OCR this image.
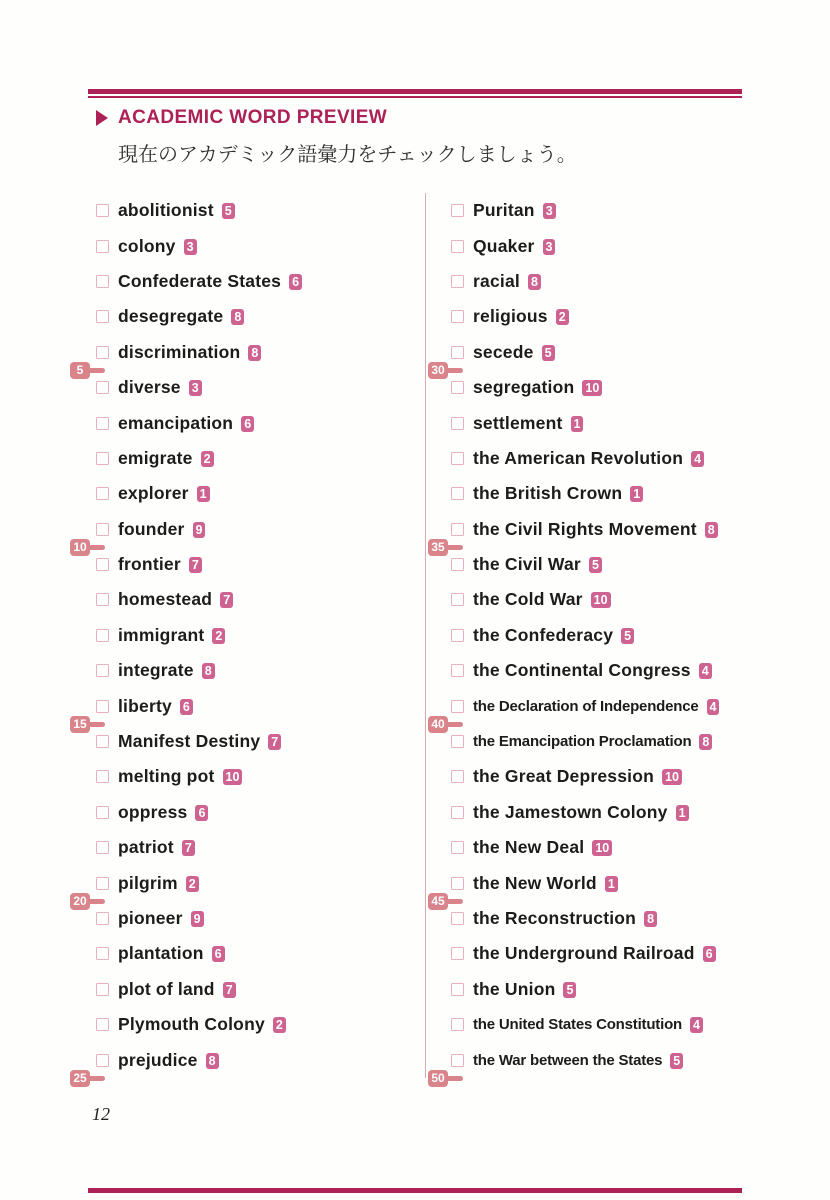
ACADEMIC WORD PREVIEW
現在のアカデミック語彙力をチェックしましょう。
abolitionist 5
colony 3
Confederate States 6
desegregate 8
discrimination 8
5
diverse 3
emancipation 6
emigrate 2
explorer 1
founder 9
10
frontier 7
homestead 7
immigrant 2
integrate 8
liberty 6
15
Manifest Destiny 7
melting pot 10
oppress 6
patriot 7
pilgrim 2
20
pioneer 9
plantation 6
plot of land 7
Plymouth Colony 2
prejudice 8
25
Puritan 3
Quaker 3
racial 8
religious 2
secede 5
30
segregation 10
settlement 1
the American Revolution 4
the British Crown 1
the Civil Rights Movement 8
35
the Civil War 5
the Cold War 10
the Confederacy 5
the Continental Congress 4
the Declaration of Independence 4
40
the Emancipation Proclamation 8
the Great Depression 10
the Jamestown Colony 1
the New Deal 10
the New World 1
45
the Reconstruction 8
the Underground Railroad 6
the Union 5
the United States Constitution 4
the War between the States 5
50
12
